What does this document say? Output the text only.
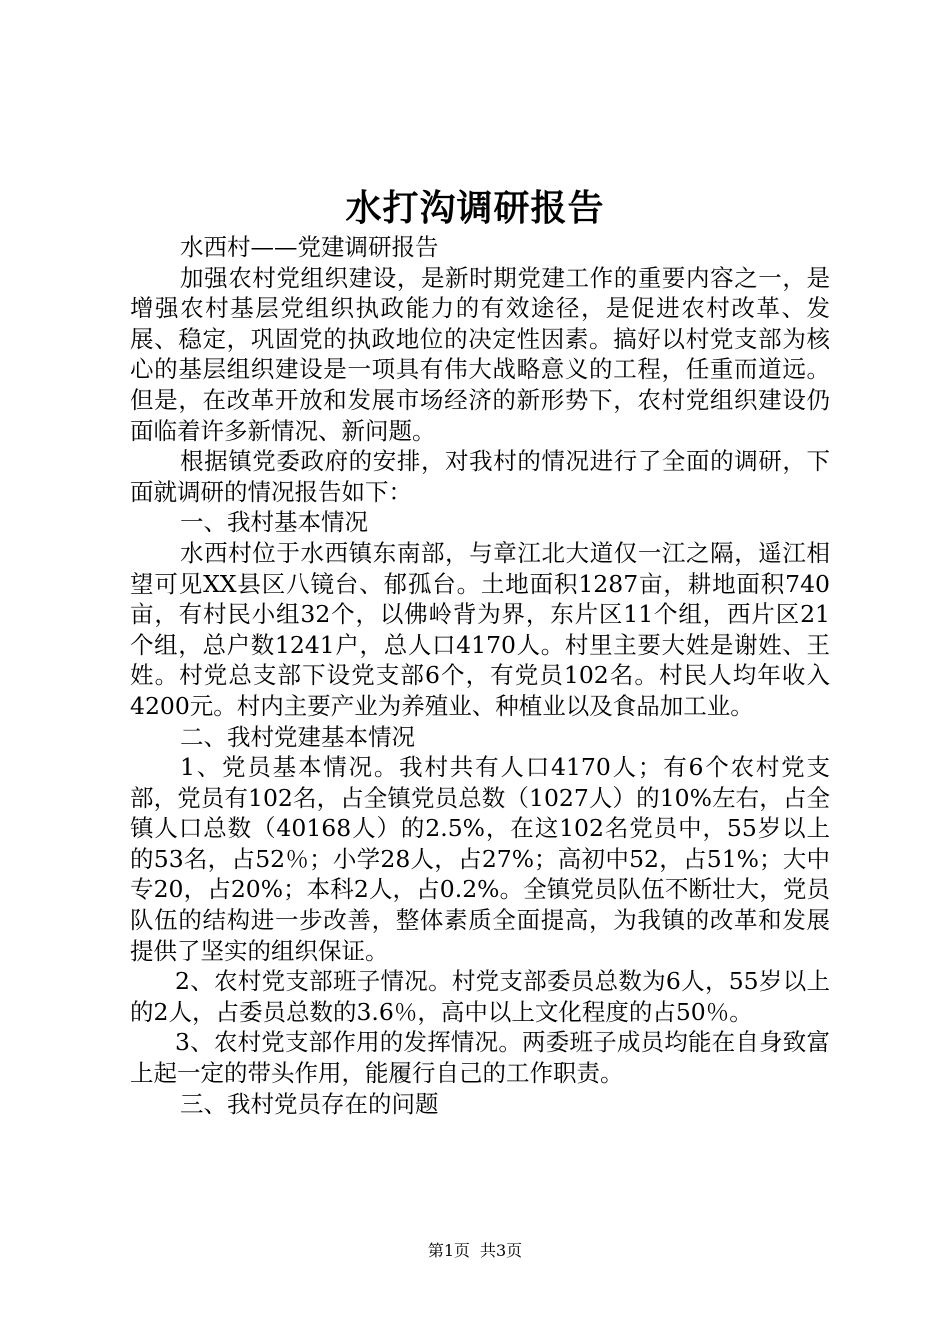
水打沟调研报告

水西村——党建调研报告

加强农村党组织建设，是新时期党建工作的重要内容之一，是增强农村基层党组织执政能力的有效途径，是促进农村改革、发展、稳定，巩固党的执政地位的决定性因素。搞好以村党支部为核心的基层组织建设是一项具有伟大战略意义的工程，任重而道远。但是，在改革开放和发展市场经济的新形势下，农村党组织建设仍面临着许多新情况、新问题。

根据镇党委政府的安排，对我村的情况进行了全面的调研，下面就调研的情况报告如下：

一、我村基本情况

水西村位于水西镇东南部，与章江北大道仅一江之隔，遥江相望可见XX县区八镜台、郁孤台。土地面积1287亩，耕地面积740亩，有村民小组32个，以佛岭背为界，东片区11个组，西片区21个组，总户数1241户，总人口4170人。村里主要大姓是谢姓、王姓。村党总支部下设党支部6个，有党员102名。村民人均年收入4200元。村内主要产业为养殖业、种植业以及食品加工业。

二、我村党建基本情况

1、党员基本情况。我村共有人口4170人；有6个农村党支部，党员有102名，占全镇党员总数（1027人）的10%左右，占全镇人口总数（40168人）的2.5%，在这102名党员中，55岁以上的53名，占52％；小学28人，占27%；高初中52，占51%；大中专20，占20%；本科2人，占0.2%。全镇党员队伍不断壮大，党员队伍的结构进一步改善，整体素质全面提高，为我镇的改革和发展提供了坚实的组织保证。

2、农村党支部班子情况。村党支部委员总数为6人，55岁以上的2人，占委员总数的3.6％，高中以上文化程度的占50％。

3、农村党支部作用的发挥情况。两委班子成员均能在自身致富上起一定的带头作用，能履行自己的工作职责。

三、我村党员存在的问题

第1页 共3页
